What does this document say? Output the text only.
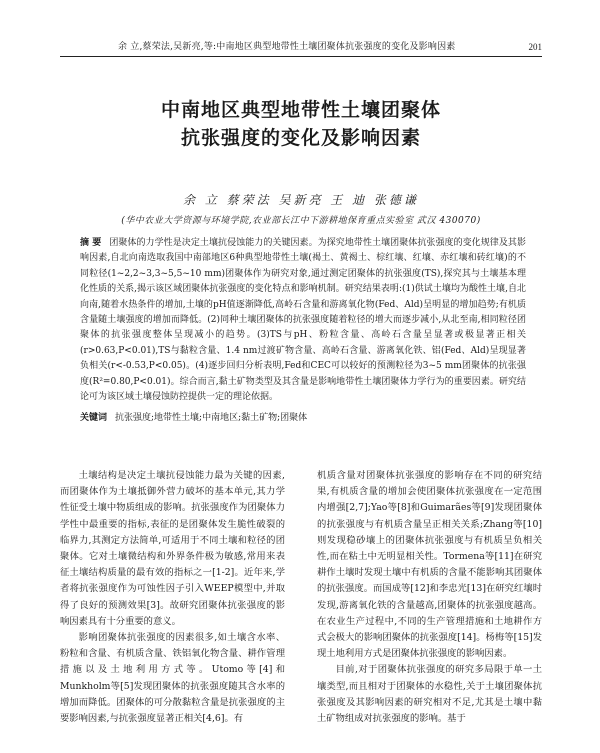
余 立,蔡荣法,吴新亮,等:中南地区典型地带性土壤团聚体抗张强度的变化及影响因素	201
中南地区典型地带性土壤团聚体
抗张强度的变化及影响因素
余 立 蔡荣法 吴新亮 王 迪 张德谦
(华中农业大学资源与环境学院,农业部长江中下游耕地保育重点实验室 武汉 430070)
摘 要 团聚体的力学性是决定土壤抗侵蚀能力的关键因素。为探究地带性土壤团聚体抗张强度的变化规律及其影响因素,自北向南选取我国中南部地区6种典型地带性土壤(褐土、黄褐土、棕红壤、红壤、赤红壤和砖红壤)的不同粒径(1~2,2~3,3~5,5~10 mm)团聚体作为研究对象,通过测定团聚体的抗张强度(TS),探究其与土壤基本理化性质的关系,揭示该区域团聚体抗张强度的变化特点和影响机制。研究结果表明:(1)供试土壤均为酸性土壤,自北向南,随着水热条件的增加,土壤的pH值逐渐降低,高岭石含量和游离氧化物(Fed、Ald)呈明显的增加趋势;有机质含量随土壤强度的增加而降低。(2)同种土壤团聚体的抗张强度随着粒径的增大而逐步减小,从北至南,相同粒径团聚体的抗张强度整体呈现减小的趋势。(3)TS与pH、粉粒含量、高岭石含量呈显著或极显著正相关(r>0.63,P<0.01),TS与黏粒含量、1.4 nm过渡矿物含量、高岭石含量、游离氧化铁、铝(Fed、Ald)呈现显著负相关(r<-0.53,P<0.05)。(4)逐步回归分析表明,Fed和CEC可以较好的预测粒径为3~5 mm团聚体的抗张强度(R²=0.80,P<0.01)。综合而言,黏土矿物类型及其含量是影响地带性土壤团聚体力学行为的重要因素。研究结论可为该区域土壤侵蚀防控提供一定的理论依据。
关键词 抗张强度;地带性土壤;中南地区;黏土矿物;团聚体

土壤结构是决定土壤抗侵蚀能力最为关键的因素,而团聚体作为土壤抵御外营力破坏的基本单元,其力学性征受土壤中物质组成的影响。抗张强度作为团聚体力学性中最重要的指标,表征的是团聚体发生脆性破裂的临界力,其测定方法简单,可适用于不同土壤和粒径的团聚体。它对土壤微结构和外界条件极为敏感,常用来表征土壤结构质量的最有效的指标之一[1-2]。近年来,学者将抗张强度作为可蚀性因子引入WEEP模型中,并取得了良好的预测效果[3]。故研究团聚体抗张强度的影响因素具有十分重要的意义。

影响团聚体抗张强度的因素很多,如土壤含水率、粉粒和含量、有机质含量、铁铝氧化物含量、耕作管理措施以及土地利用方式等。Utomo等[4]和Munkholm等[5]发现团聚体的抗张强度随其含水率的增加而降低。团聚体的可分散黏粒含量是抗张强度的主要影响因素,与抗张强度显著正相关[4,6]。有

机质含量对团聚体抗张强度的影响存在不同的研究结果,有机质含量的增加会使团聚体抗张强度在一定范围内增强[2,7];Yao等[8]和Guimarães等[9]发现团聚体的抗张强度与有机质含量呈正相关关系;Zhang等[10]则发现稳砂壤上的团聚体抗张强度与有机质呈负相关性,而在粘土中无明显相关性。Tormena等[11]在研究耕作土壤时发现土壤中有机质的含量不能影响其团聚体的抗张强度。而国成等[12]和李忠光[13]在研究红壤时发现,游离氧化铁的含量越高,团聚体的抗张强度越高。在农业生产过程中,不同的生产管理措施和土地耕作方式会极大的影响团聚体的抗张强度[14]。杨梅等[15]发现土地利用方式是团聚体抗张强度的影响因素。

目前,对于团聚体抗张强度的研究多局限于单一土壤类型,而且相对于团聚体的水稳性,关于土壤团聚体抗张强度及其影响因素的研究相对不足,尤其是土壤中黏土矿物组成对抗张强度的影响。基于
